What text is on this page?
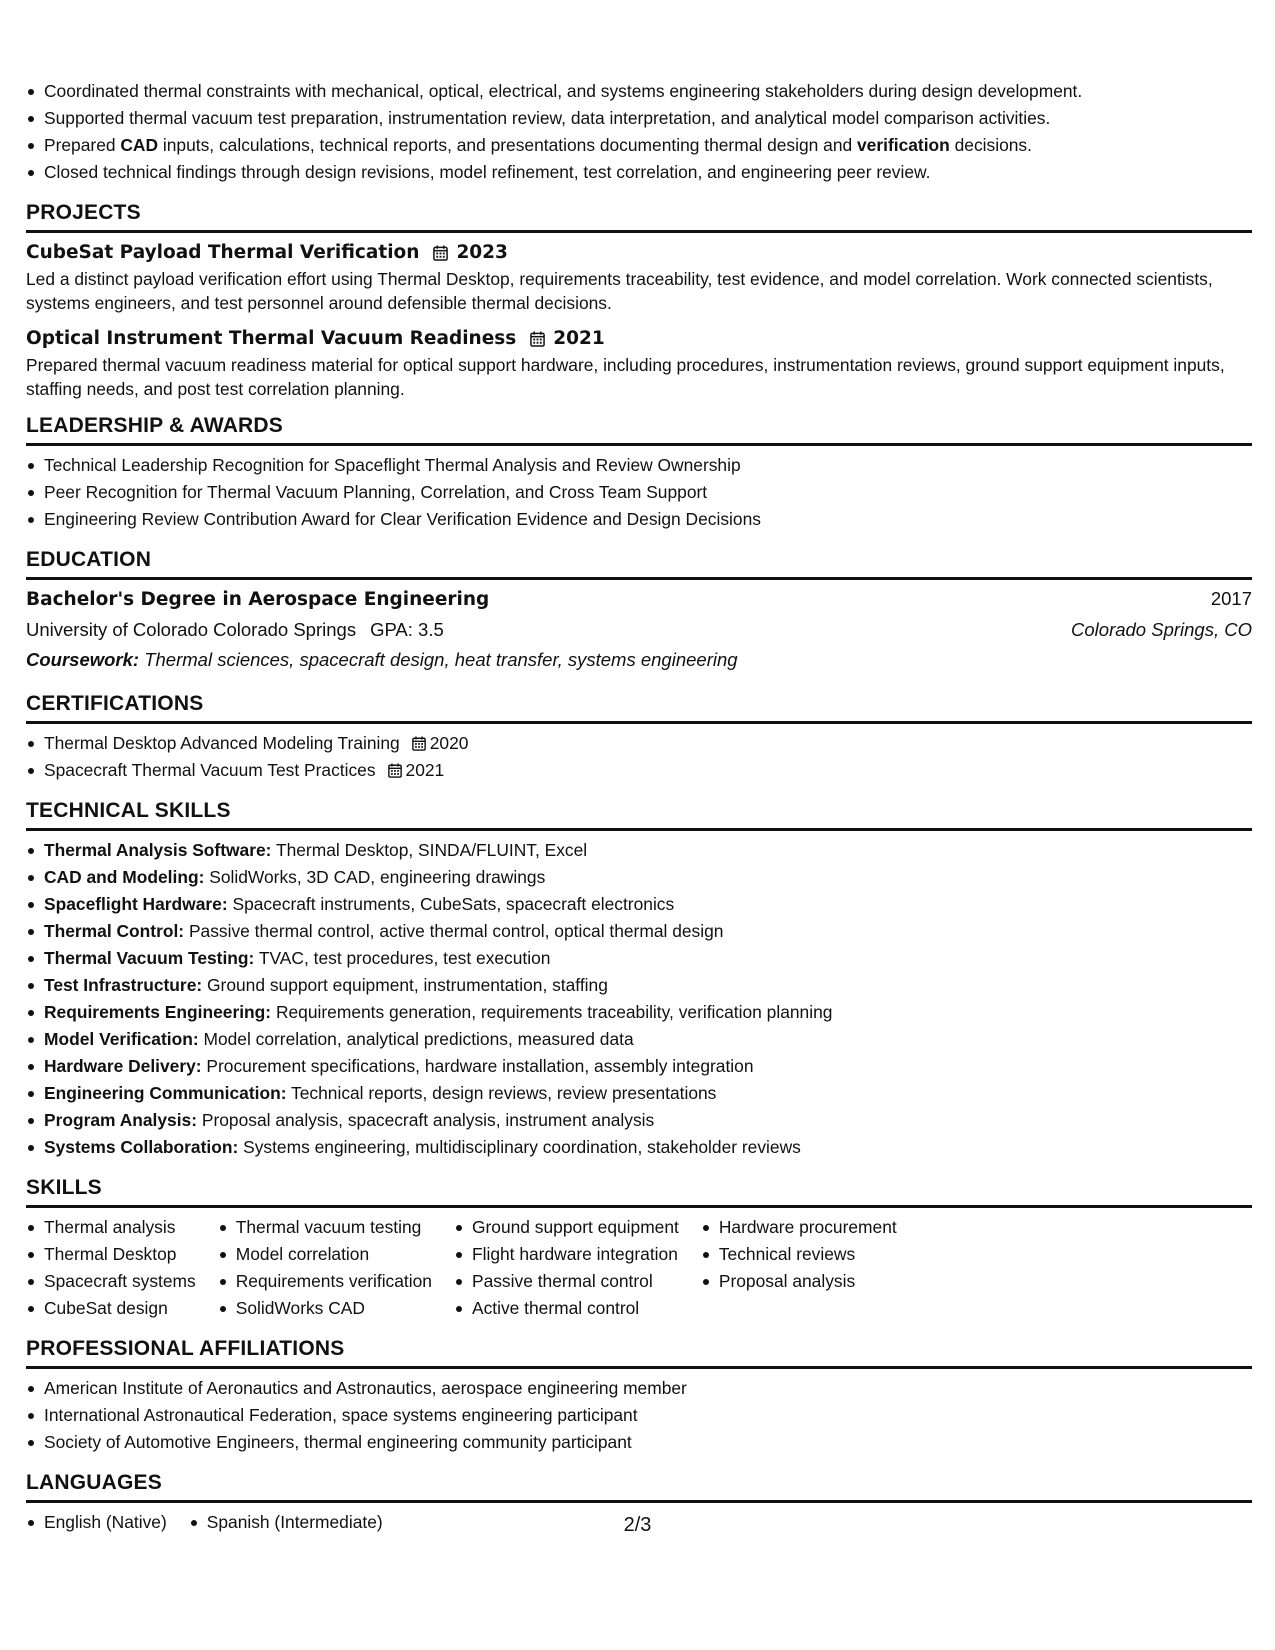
Coordinated thermal constraints with mechanical, optical, electrical, and systems engineering stakeholders during design development.
Supported thermal vacuum test preparation, instrumentation review, data interpretation, and analytical model comparison activities.
Prepared CAD inputs, calculations, technical reports, and presentations documenting thermal design and verification decisions.
Closed technical findings through design revisions, model refinement, test correlation, and engineering peer review.
PROJECTS
CubeSat Payload Thermal Verification 2023
Led a distinct payload verification effort using Thermal Desktop, requirements traceability, test evidence, and model correlation. Work connected scientists, systems engineers, and test personnel around defensible thermal decisions.
Optical Instrument Thermal Vacuum Readiness 2021
Prepared thermal vacuum readiness material for optical support hardware, including procedures, instrumentation reviews, ground support equipment inputs, staffing needs, and post test correlation planning.
LEADERSHIP & AWARDS
Technical Leadership Recognition for Spaceflight Thermal Analysis and Review Ownership
Peer Recognition for Thermal Vacuum Planning, Correlation, and Cross Team Support
Engineering Review Contribution Award for Clear Verification Evidence and Design Decisions
EDUCATION
Bachelor's Degree in Aerospace Engineering	2017
University of Colorado Colorado Springs GPA: 3.5	Colorado Springs, CO
Coursework: Thermal sciences, spacecraft design, heat transfer, systems engineering
CERTIFICATIONS
Thermal Desktop Advanced Modeling Training 2020
Spacecraft Thermal Vacuum Test Practices 2021
TECHNICAL SKILLS
Thermal Analysis Software: Thermal Desktop, SINDA/FLUINT, Excel
CAD and Modeling: SolidWorks, 3D CAD, engineering drawings
Spaceflight Hardware: Spacecraft instruments, CubeSats, spacecraft electronics
Thermal Control: Passive thermal control, active thermal control, optical thermal design
Thermal Vacuum Testing: TVAC, test procedures, test execution
Test Infrastructure: Ground support equipment, instrumentation, staffing
Requirements Engineering: Requirements generation, requirements traceability, verification planning
Model Verification: Model correlation, analytical predictions, measured data
Hardware Delivery: Procurement specifications, hardware installation, assembly integration
Engineering Communication: Technical reports, design reviews, review presentations
Program Analysis: Proposal analysis, spacecraft analysis, instrument analysis
Systems Collaboration: Systems engineering, multidisciplinary coordination, stakeholder reviews
SKILLS
Thermal analysis
Thermal Desktop
Spacecraft systems
CubeSat design
Thermal vacuum testing
Model correlation
Requirements verification
SolidWorks CAD
Ground support equipment
Flight hardware integration
Passive thermal control
Active thermal control
Hardware procurement
Technical reviews
Proposal analysis
PROFESSIONAL AFFILIATIONS
American Institute of Aeronautics and Astronautics, aerospace engineering member
International Astronautical Federation, space systems engineering participant
Society of Automotive Engineers, thermal engineering community participant
LANGUAGES
English (Native) Spanish (Intermediate)	2/3
